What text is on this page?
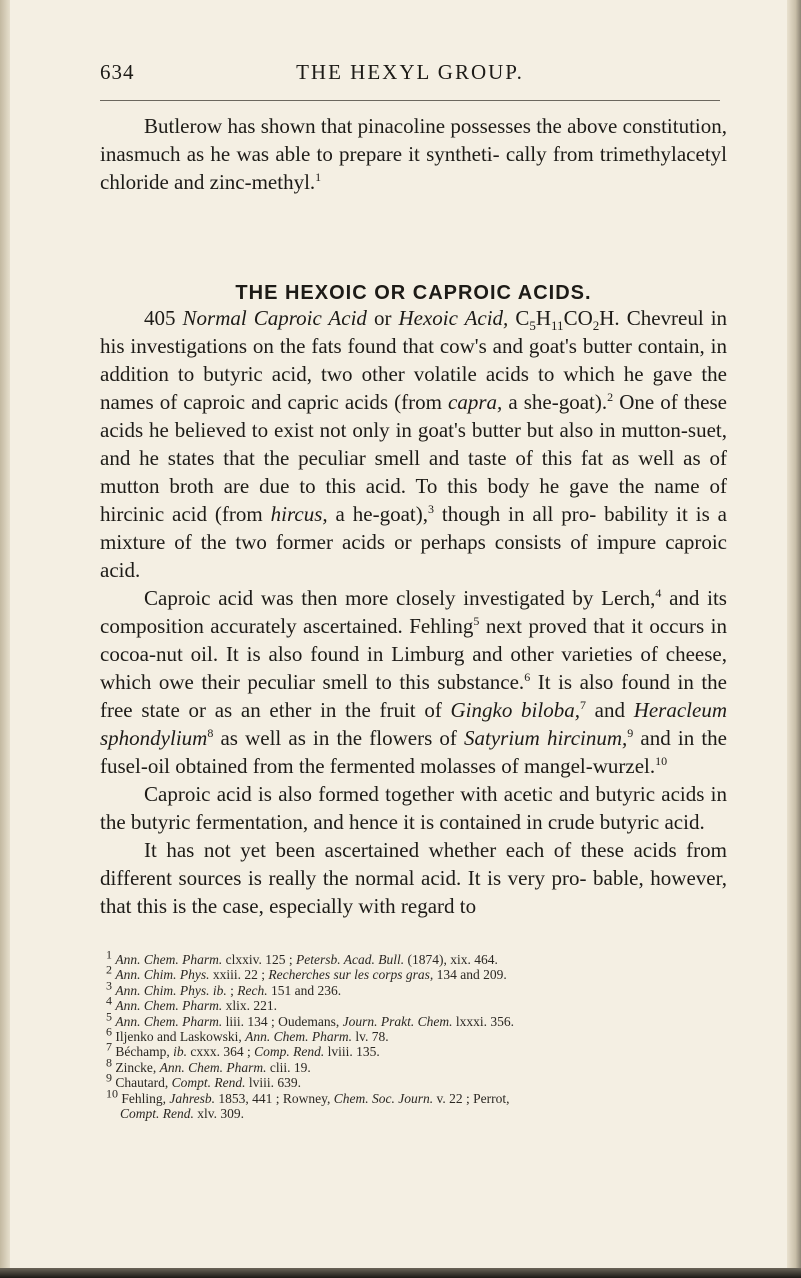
634	THE HEXYL GROUP.

Butlerow has shown that pinacoline possesses the above constitution, inasmuch as he was able to prepare it syntheti- cally from trimethylacetyl chloride and zinc-methyl.$^1$

THE HEXOIC OR CAPROIC ACIDS.

405 Normal Caproic Acid or Hexoic Acid, $C_5H_{11}CO_2H$. Chevreul in his investigations on the fats found that cow's and goat's butter contain, in addition to butyric acid, two other volatile acids to which he gave the names of caproic and capric acids (from capra, a she-goat).$^2$ One of these acids he believed to exist not only in goat's butter but also in mutton-suet, and he states that the peculiar smell and taste of this fat as well as of mutton broth are due to this acid. To this body he gave the name of hircinic acid (from hircus, a he-goat),$^3$ though in all pro- bability it is a mixture of the two former acids or perhaps consists of impure caproic acid.

Caproic acid was then more closely investigated by Lerch,$^4$ and its composition accurately ascertained. Fehling$^5$ next proved that it occurs in cocoa-nut oil. It is also found in Limburg and other varieties of cheese, which owe their peculiar smell to this substance.$^6$ It is also found in the free state or as an ether in the fruit of Gingko biloba,$^7$ and Heracleum sphondylium$^8$ as well as in the flowers of Satyrium hircinum,$^9$ and in the fusel-oil obtained from the fermented molasses of mangel-wurzel.$^{10}$

Caproic acid is also formed together with acetic and butyric acids in the butyric fermentation, and hence it is contained in crude butyric acid.

It has not yet been ascertained whether each of these acids from different sources is really the normal acid. It is very pro- bable, however, that this is the case, especially with regard to

$^1$ Ann. Chem. Pharm. clxxiv. 125 ; Petersb. Acad. Bull. (1874), xix. 464.
$^2$ Ann. Chim. Phys. xxiii. 22 ; Recherches sur les corps gras, 134 and 209.
$^3$ Ann. Chim. Phys. ib. ; Rech. 151 and 236.
$^4$ Ann. Chem. Pharm. xlix. 221.
$^5$ Ann. Chem. Pharm. liii. 134 ; Oudemans, Journ. Prakt. Chem. lxxxi. 356.
$^6$ Iljenko and Laskowski, Ann. Chem. Pharm. lv. 78.
$^7$ Béchamp, ib. cxxx. 364 ; Comp. Rend. lviii. 135.
$^8$ Zincke, Ann. Chem. Pharm. clii. 19.
$^9$ Chautard, Compt. Rend. lviii. 639.
$^{10}$ Fehling, Jahresb. 1853, 441 ; Rowney, Chem. Soc. Journ. v. 22 ; Perrot,
Compt. Rend. xlv. 309.
